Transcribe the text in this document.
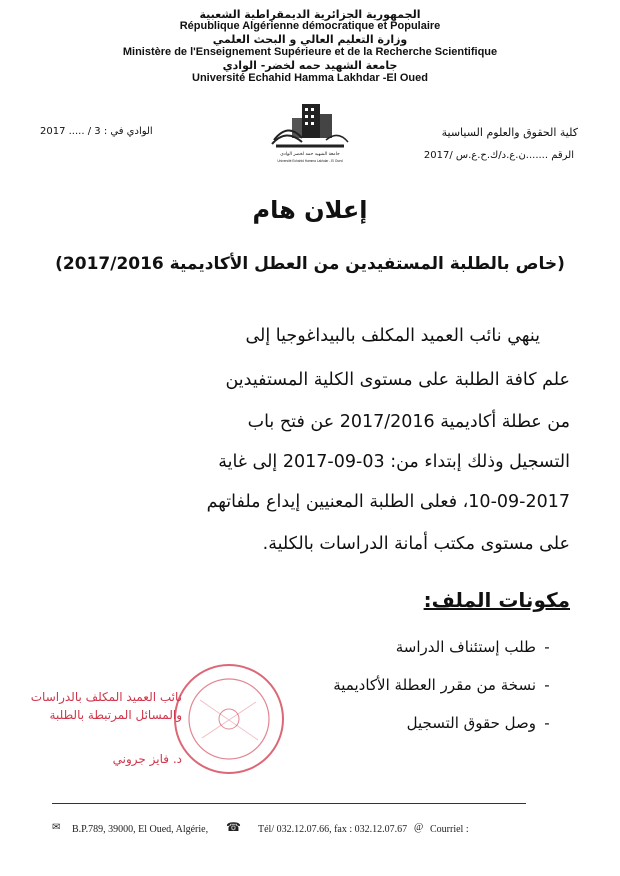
الجمهورية الجزائرية الديمقراطية الشعبية
République Algérienne démocratique et Populaire
وزارة التعليم العالي و البحث العلمي
Ministère de l'Enseignement Supérieure et de la Recherche Scientifique
جامعة الشهيد حمه لخضر- الوادي
Université Echahid Hamma Lakhdar -El Oued
كلية الحقوق والعلوم السياسية
الرقم .......ن.ع.د/ك.ح.ع.س /2017
الوادي في : 3 / ..... 2017
جامعة الشهيد حمه لخضر الوادي
Université Echahid Hamma Lakhdar - El Oued
إعلان هام
(خاص بالطلبة المستفيدين من العطل الأكاديمية 2017/2016)
ينهي نائب العميد المكلف بالبيداغوجيا إلى
علم كافة الطلبة على مستوى الكلية المستفيدين
من عطلة أكاديمية 2017/2016 عن فتح باب
التسجيل وذلك إبتداء من: 03-09-2017 إلى غاية
10-09-2017، فعلى الطلبة المعنيين إيداع ملفاتهم
على مستوى مكتب أمانة الدراسات بالكلية.
مكونات الملف:
-طلب إستئناف الدراسة
-نسخة من مقرر العطلة الأكاديمية
-وصل حقوق التسجيل
نائب العميد المكلف بالدراسات
والمسائل المرتبطة بالطلبة
د. فايز جروني
✉ B.P.789, 39000, El Oued, Algérie, ☎ Tél/ 032.12.07.66, fax : 032.12.07.67 @ Courriel :
